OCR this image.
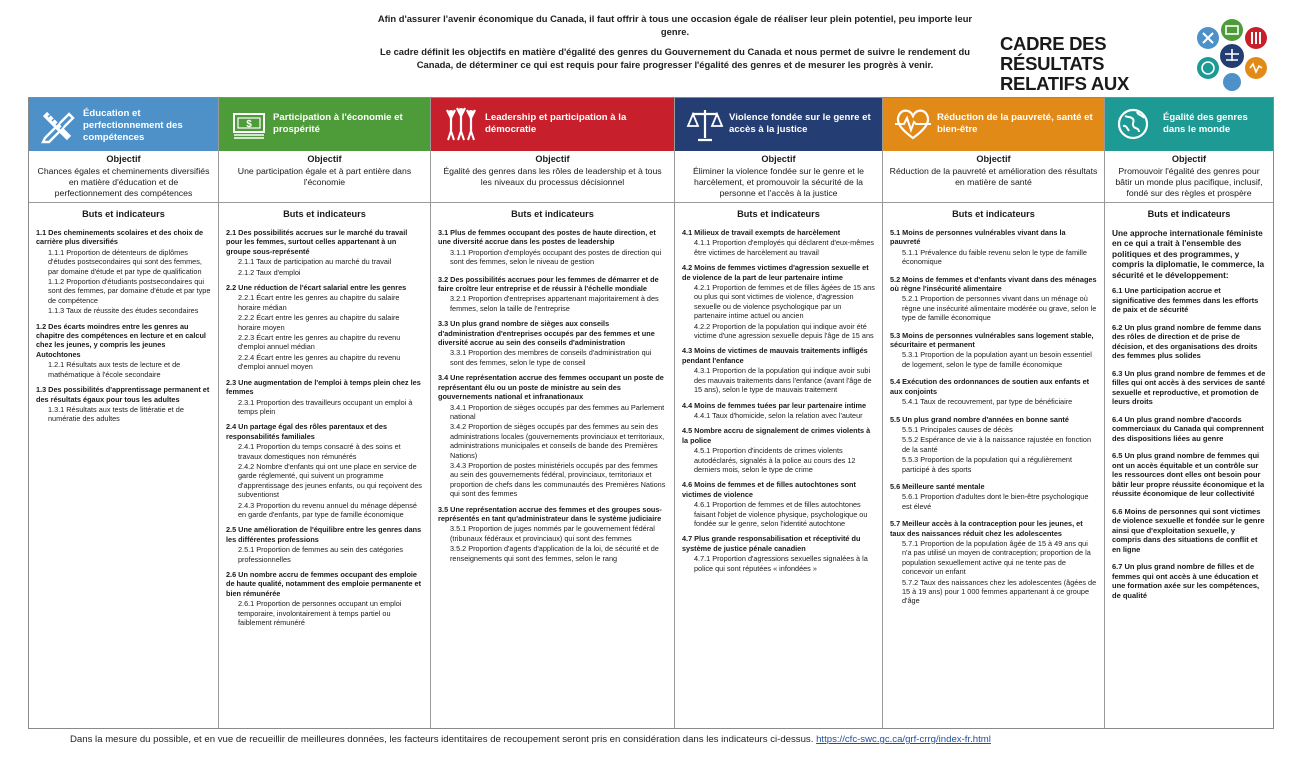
Afin d'assurer l'avenir économique du Canada, il faut offrir à tous une occasion égale de réaliser leur plein potentiel, peu importe leur genre.

Le cadre définit les objectifs en matière d'égalité des genres du Gouvernement du Canada et nous permet de suivre le rendement du Canada, de déterminer ce qui est requis pour faire progresser l'égalité des genres et de mesurer les progrès à venir.

CADRE DES RÉSULTATS
RELATIFS AUX
Éducation et perfectionnement des compétences
Objectif
Chances égales et cheminements diversifiés en matière d'éducation et de perfectionnement des compétences
Buts et indicateurs
1.1 Des cheminements scolaires et des choix de carrière plus diversifiés
1.1.1 Proportion de détenteurs de diplômes d'études postsecondaires qui sont des femmes, par domaine d'étude et par type de qualification
1.1.2 Proportion d'étudiants postsecondaires qui sont des femmes, par domaine d'étude et par type de compétence
1.1.3 Taux de réussite des études secondaires
1.2 Des écarts moindres entre les genres au chapitre des compétences en lecture et en calcul chez les jeunes, y compris les jeunes Autochtones
1.2.1 Résultats aux tests de lecture et de mathématique à l'école secondaire
1.3 Des possibilités d'apprentissage permanent et des résultats égaux pour tous les adultes
1.3.1 Résultats aux tests de littératie et de numératie des adultes
$
Participation à l'économie et prospérité
Objectif
Une participation égale et à part entière dans l'économie
Buts et indicateurs
2.1 Des possibilités accrues sur le marché du travail pour les femmes, surtout celles appartenant à un groupe sous-représenté
2.1.1 Taux de participation au marché du travail
2.1.2 Taux d'emploi
2.2 Une réduction de l'écart salarial entre les genres
2.2.1 Écart entre les genres au chapitre du salaire horaire médian
2.2.2 Écart entre les genres au chapitre du salaire horaire moyen
2.2.3 Écart entre les genres au chapitre du revenu d'emploi annuel médian
2.2.4 Écart entre les genres au chapitre du revenu d'emploi annuel moyen
2.3 Une augmentation de l'emploi à temps plein chez les femmes
2.3.1 Proportion des travailleurs occupant un emploi à temps plein
2.4 Un partage égal des rôles parentaux et des responsabilités familiales
2.4.1 Proportion du temps consacré à des soins et travaux domestiques non rémunérés
2.4.2 Nombre d'enfants qui ont une place en service de garde réglementé, qui suivent un programme d'apprentissage des jeunes enfants, ou qui reçoivent des subventionst
2.4.3 Proportion du revenu annuel du ménage dépensé en garde d'enfants, par type de famille économique
2.5 Une amélioration de l'équilibre entre les genres dans les différentes professions
2.5.1 Proportion de femmes au sein des catégories professionnelles
2.6 Un nombre accru de femmes occupant des emploie de haute qualité, notamment des emploie permanente et bien rémunérée
2.6.1 Proportion de personnes occupant un emploi temporaire, involontairement à temps partiel ou faiblement rémunéré
Leadership et participation à la démocratie
Objectif
Égalité des genres dans les rôles de leadership et à tous les niveaux du processus décisionnel
Buts et indicateurs
3.1 Plus de femmes occupant des postes de haute direction, et une diversité accrue dans les postes de leadership
3.1.1 Proportion d'employés occupant des postes de direction qui sont des femmes, selon le niveau de gestion
3.2 Des possibilités accrues pour les femmes de démarrer et de faire croître leur entreprise et de réussir à l'échelle mondiale
3.2.1 Proportion d'entreprises appartenant majoritairement à des femmes, selon la taille de l'entreprise
3.3 Un plus grand nombre de sièges aux conseils d'administration d'entreprises occupés par des femmes et une diversité accrue au sein des conseils d'administration
3.3.1 Proportion des membres de conseils d'administration qui sont des femmes, selon le type de conseil
3.4 Une représentation accrue des femmes occupant un poste de représentant élu ou un poste de ministre au sein des gouvernements national et infranationaux
3.4.1 Proportion de sièges occupés par des femmes au Parlement national
3.4.2 Proportion de sièges occupés par des femmes au sein des administrations locales (gouvernements provinciaux et territoriaux, administrations municipales et conseils de bande des Premières Nations)
3.4.3 Proportion de postes ministériels occupés par des femmes au sein des gouvernements fédéral, provinciaux, territoriaux et proportion de chefs dans les communautés des Premières Nations qui sont des femmes
3.5 Une représentation accrue des femmes et des groupes sous-représentés en tant qu'administrateur dans le système judiciaire
3.5.1 Proportion de juges nommés par le gouvernement fédéral (tribunaux fédéraux et provinciaux) qui sont des femmes
3.5.2 Proportion d'agents d'application de la loi, de sécurité et de renseignements qui sont des femmes, selon le rang
Violence fondée sur le genre et accès à la justice
Objectif
Éliminer la violence fondée sur le genre et le harcèlement, et promouvoir la sécurité de la personne et l'accès à la justice
Buts et indicateurs
4.1 Milieux de travail exempts de harcèlement
4.1.1 Proportion d'employés qui déclarent d'eux-mêmes être victimes de harcèlement au travail
4.2 Moins de femmes victimes d'agression sexuelle et de violence de la part de leur partenaire intime
4.2.1 Proportion de femmes et de filles âgées de 15 ans ou plus qui sont victimes de violence, d'agression sexuelle ou de violence psychologique par un partenaire intime actuel ou ancien
4.2.2 Proportion de la population qui indique avoir été victime d'une agression sexuelle depuis l'âge de 15 ans
4.3 Moins de victimes de mauvais traitements infligés pendant l'enfance
4.3.1 Proportion de la population qui indique avoir subi des mauvais traitements dans l'enfance (avant l'âge de 15 ans), selon le type de mauvais traitement
4.4 Moins de femmes tuées par leur partenaire intime
4.4.1 Taux d'homicide, selon la relation avec l'auteur
4.5 Nombre accru de signalement de crimes violents à la police
4.5.1 Proportion d'incidents de crimes violents autodéclarés, signalés à la police au cours des 12 derniers mois, selon le type de crime
4.6 Moins de femmes et de filles autochtones sont victimes de violence
4.6.1 Proportion de femmes et de filles autochtones faisant l'objet de violence physique, psychologique ou fondée sur le genre, selon l'identité autochtone
4.7 Plus grande responsabilisation et réceptivité du système de justice pénale canadien
4.7.1 Proportion d'agressions sexuelles signalées à la police qui sont réputées « infondées »
Réduction de la pauvreté, santé et bien-être
Objectif
Réduction de la pauvreté et amélioration des résultats en matière de santé
Buts et indicateurs
5.1 Moins de personnes vulnérables vivant dans la pauvreté
5.1.1 Prévalence du faible revenu selon le type de famille économique
5.2 Moins de femmes et d'enfants vivant dans des ménages où règne l'insécurité alimentaire
5.2.1 Proportion de personnes vivant dans un ménage où règne une insécurité alimentaire modérée ou grave, selon le type de famille économique
5.3 Moins de personnes vulnérables sans logement stable, sécuritaire et permanent
5.3.1 Proportion de la population ayant un besoin essentiel de logement, selon le type de famille économique
5.4 Exécution des ordonnances de soutien aux enfants et aux conjoints
5.4.1 Taux de recouvrement, par type de bénéficiaire
5.5 Un plus grand nombre d'années en bonne santé
5.5.1 Principales causes de décès
5.5.2 Espérance de vie à la naissance rajustée en fonction de la santé
5.5.3 Proportion de la population qui a régulièrement participé à des sports
5.6 Meilleure santé mentale
5.6.1 Proportion d'adultes dont le bien-être psychologique est élevé
5.7 Meilleur accès à la contraception pour les jeunes, et taux des naissances réduit chez les adolescentes
5.7.1 Proportion de la population âgée de 15 à 49 ans qui n'a pas utilisé un moyen de contraception; proportion de la population sexuellement active qui ne tente pas de concevoir un enfant
5.7.2 Taux des naissances chez les adolescentes (âgées de 15 à 19 ans) pour 1 000 femmes appartenant à ce groupe d'âge
Égalité des genres dans le monde
Objectif
Promouvoir l'égalité des genres pour bâtir un monde plus pacifique, inclusif, fondé sur des règles et prospère
Buts et indicateurs
Une approche internationale féministe en ce qui a trait à l'ensemble des politiques et des programmes, y compris la diplomatie, le commerce, la sécurité et le développement:
6.1 Une participation accrue et significative des femmes dans les efforts de paix et de sécurité
6.2 Un plus grand nombre de femme dans des rôles de direction et de prise de décision, et des organisations des droits des femmes plus solides
6.3 Un plus grand nombre de femmes et de filles qui ont accès à des services de santé sexuelle et reproductive, et promotion de leurs droits
6.4 Un plus grand nombre d'accords commerciaux du Canada qui comprennent des dispositions liées au genre
6.5 Un plus grand nombre de femmes qui ont un accès équitable et un contrôle sur les ressources dont elles ont besoin pour bâtir leur propre réussite économique et la réussite économique de leur collectivité
6.6 Moins de personnes qui sont victimes de violence sexuelle et fondée sur le genre ainsi que d'exploitation sexuelle, y compris dans des situations de conflit et en ligne
6.7 Un plus grand nombre de filles et de femmes qui ont accès à une éducation et une formation axée sur les compétences, de qualité
Dans la mesure du possible, et en vue de recueillir de meilleures données, les facteurs identitaires de recoupement seront pris en considération dans les indicateurs ci-dessus. https://cfc-swc.gc.ca/grf-crrg/index-fr.html
